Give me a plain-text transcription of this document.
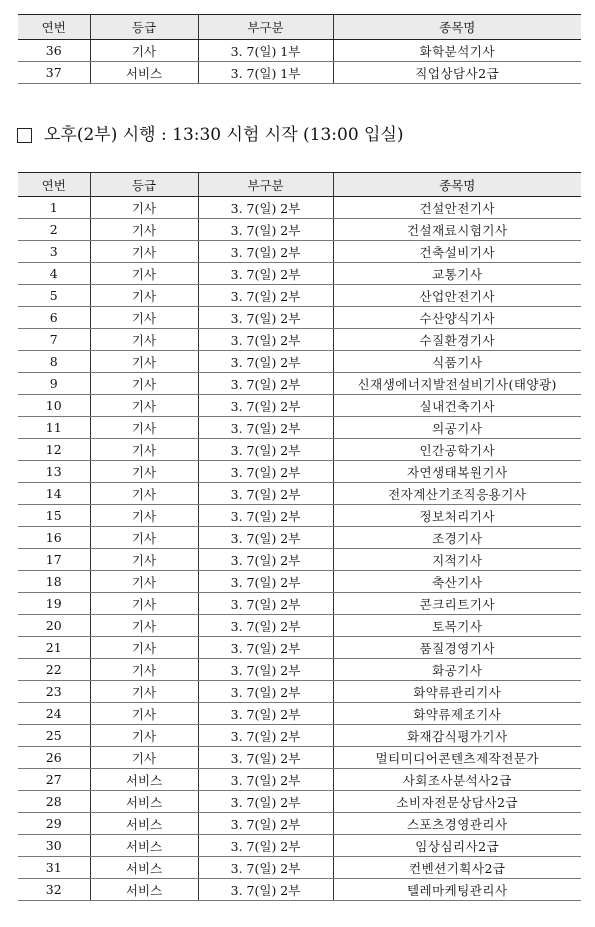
연번	등급	부구분	종목명
36	기사	3. 7(일) 1부	화학분석기사
37	서비스	3. 7(일) 1부	직업상담사2급
오후(2부) 시행 : 13:30 시험 시작 (13:00 입실)
연번	등급	부구분	종목명
1	기사	3. 7(일) 2부	건설안전기사
2	기사	3. 7(일) 2부	건설재료시험기사
3	기사	3. 7(일) 2부	건축설비기사
4	기사	3. 7(일) 2부	교통기사
5	기사	3. 7(일) 2부	산업안전기사
6	기사	3. 7(일) 2부	수산양식기사
7	기사	3. 7(일) 2부	수질환경기사
8	기사	3. 7(일) 2부	식품기사
9	기사	3. 7(일) 2부	신재생에너지발전설비기사(태양광)
10	기사	3. 7(일) 2부	실내건축기사
11	기사	3. 7(일) 2부	의공기사
12	기사	3. 7(일) 2부	인간공학기사
13	기사	3. 7(일) 2부	자연생태복원기사
14	기사	3. 7(일) 2부	전자계산기조직응용기사
15	기사	3. 7(일) 2부	정보처리기사
16	기사	3. 7(일) 2부	조경기사
17	기사	3. 7(일) 2부	지적기사
18	기사	3. 7(일) 2부	축산기사
19	기사	3. 7(일) 2부	콘크리트기사
20	기사	3. 7(일) 2부	토목기사
21	기사	3. 7(일) 2부	품질경영기사
22	기사	3. 7(일) 2부	화공기사
23	기사	3. 7(일) 2부	화약류관리기사
24	기사	3. 7(일) 2부	화약류제조기사
25	기사	3. 7(일) 2부	화재감식평가기사
26	기사	3. 7(일) 2부	멀티미디어콘텐츠제작전문가
27	서비스	3. 7(일) 2부	사회조사분석사2급
28	서비스	3. 7(일) 2부	소비자전문상담사2급
29	서비스	3. 7(일) 2부	스포츠경영관리사
30	서비스	3. 7(일) 2부	임상심리사2급
31	서비스	3. 7(일) 2부	컨벤션기획사2급
32	서비스	3. 7(일) 2부	텔레마케팅관리사
